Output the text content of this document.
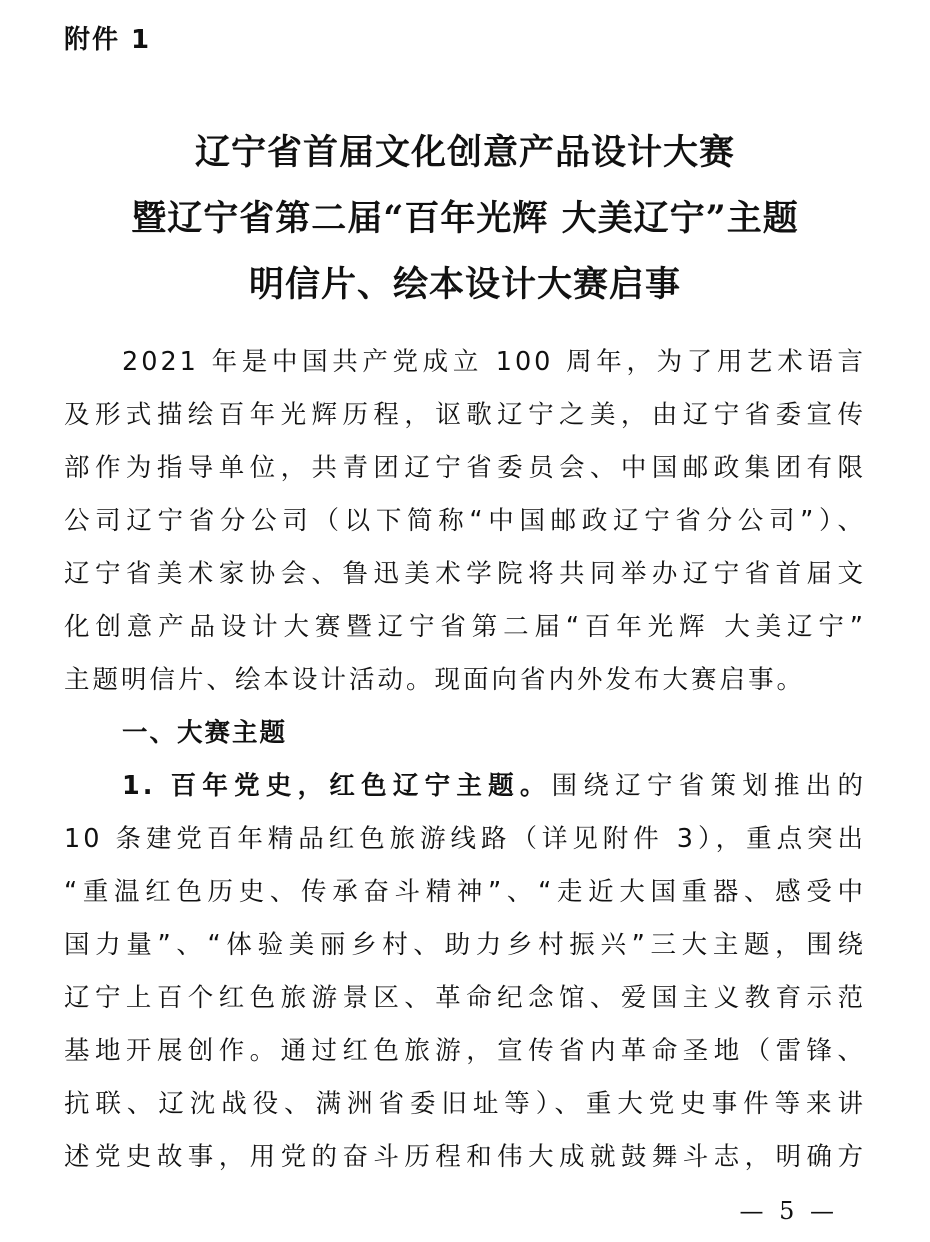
附件 1
辽宁省首届文化创意产品设计大赛
暨辽宁省第二届“百年光辉 大美辽宁”主题
明信片、绘本设计大赛启事
2021 年是中国共产党成立 100 周年，为了用艺术语言
及形式描绘百年光辉历程，讴歌辽宁之美，由辽宁省委宣传
部作为指导单位，共青团辽宁省委员会、中国邮政集团有限
公司辽宁省分公司（以下简称“中国邮政辽宁省分公司”）、
辽宁省美术家协会、鲁迅美术学院将共同举办辽宁省首届文
化创意产品设计大赛暨辽宁省第二届“百年光辉 大美辽宁”
主题明信片、绘本设计活动。现面向省内外发布大赛启事。
一、大赛主题
1. 百年党史，红色辽宁主题。围绕辽宁省策划推出的
10 条建党百年精品红色旅游线路（详见附件 3），重点突出
“重温红色历史、传承奋斗精神”、“走近大国重器、感受中
国力量”、“体验美丽乡村、助力乡村振兴”三大主题，围绕
辽宁上百个红色旅游景区、革命纪念馆、爱国主义教育示范
基地开展创作。通过红色旅游，宣传省内革命圣地（雷锋、
抗联、辽沈战役、满洲省委旧址等）、重大党史事件等来讲
述党史故事，用党的奋斗历程和伟大成就鼓舞斗志，明确方
— 5 —
